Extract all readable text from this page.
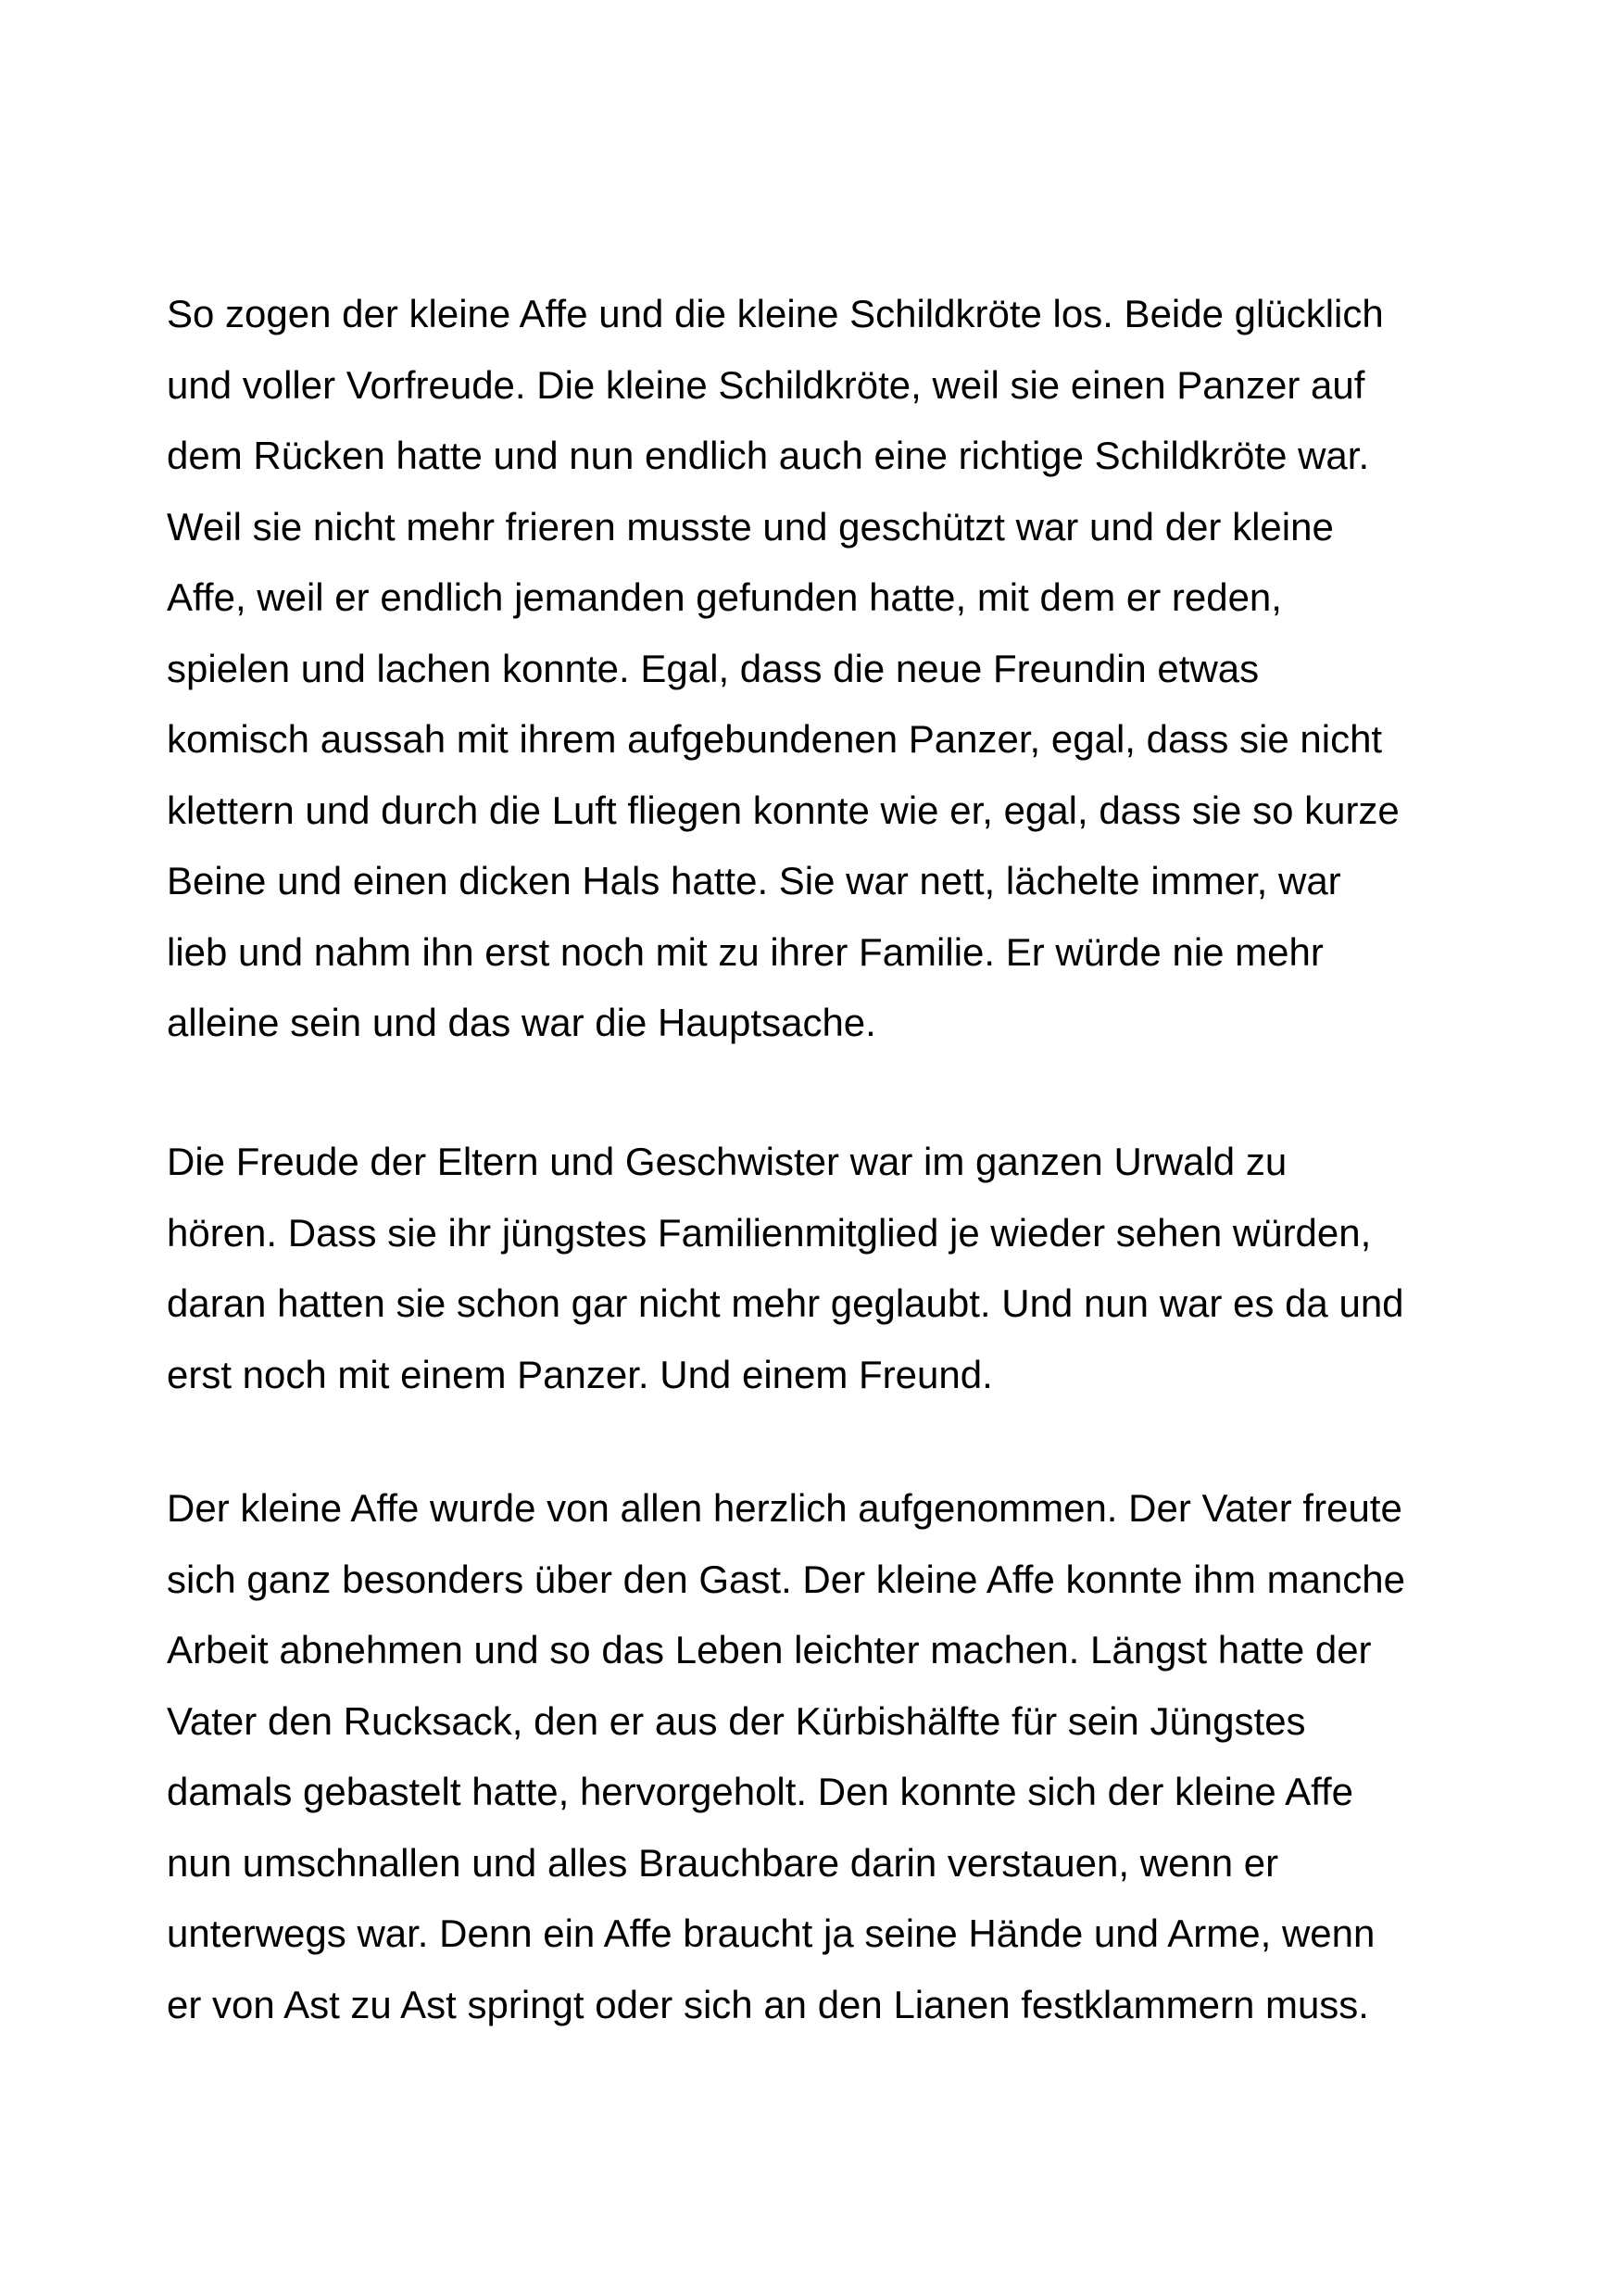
So zogen der kleine Affe und die kleine Schildkröte los. Beide glücklich
und voller Vorfreude. Die kleine Schildkröte, weil sie einen Panzer auf
dem Rücken hatte und nun endlich auch eine richtige Schildkröte war.
Weil sie nicht mehr frieren musste und geschützt war und der kleine
Affe, weil er endlich jemanden gefunden hatte, mit dem er reden,
spielen und lachen konnte. Egal, dass die neue Freundin etwas
komisch aussah mit ihrem aufgebundenen Panzer, egal, dass sie nicht
klettern und durch die Luft fliegen konnte wie er, egal, dass sie so kurze
Beine und einen dicken Hals hatte. Sie war nett, lächelte immer, war
lieb und nahm ihn erst noch mit zu ihrer Familie. Er würde nie mehr
alleine sein und das war die Hauptsache.
Die Freude der Eltern und Geschwister war im ganzen Urwald zu
hören. Dass sie ihr jüngstes Familienmitglied je wieder sehen würden,
daran hatten sie schon gar nicht mehr geglaubt. Und nun war es da und
erst noch mit einem Panzer. Und einem Freund.
Der kleine Affe wurde von allen herzlich aufgenommen. Der Vater freute
sich ganz besonders über den Gast. Der kleine Affe konnte ihm manche
Arbeit abnehmen und so das Leben leichter machen. Längst hatte der
Vater den Rucksack, den er aus der Kürbishälfte für sein Jüngstes
damals gebastelt hatte, hervorgeholt. Den konnte sich der kleine Affe
nun umschnallen und alles Brauchbare darin verstauen, wenn er
unterwegs war. Denn ein Affe braucht ja seine Hände und Arme, wenn
er von Ast zu Ast springt oder sich an den Lianen festklammern muss.
